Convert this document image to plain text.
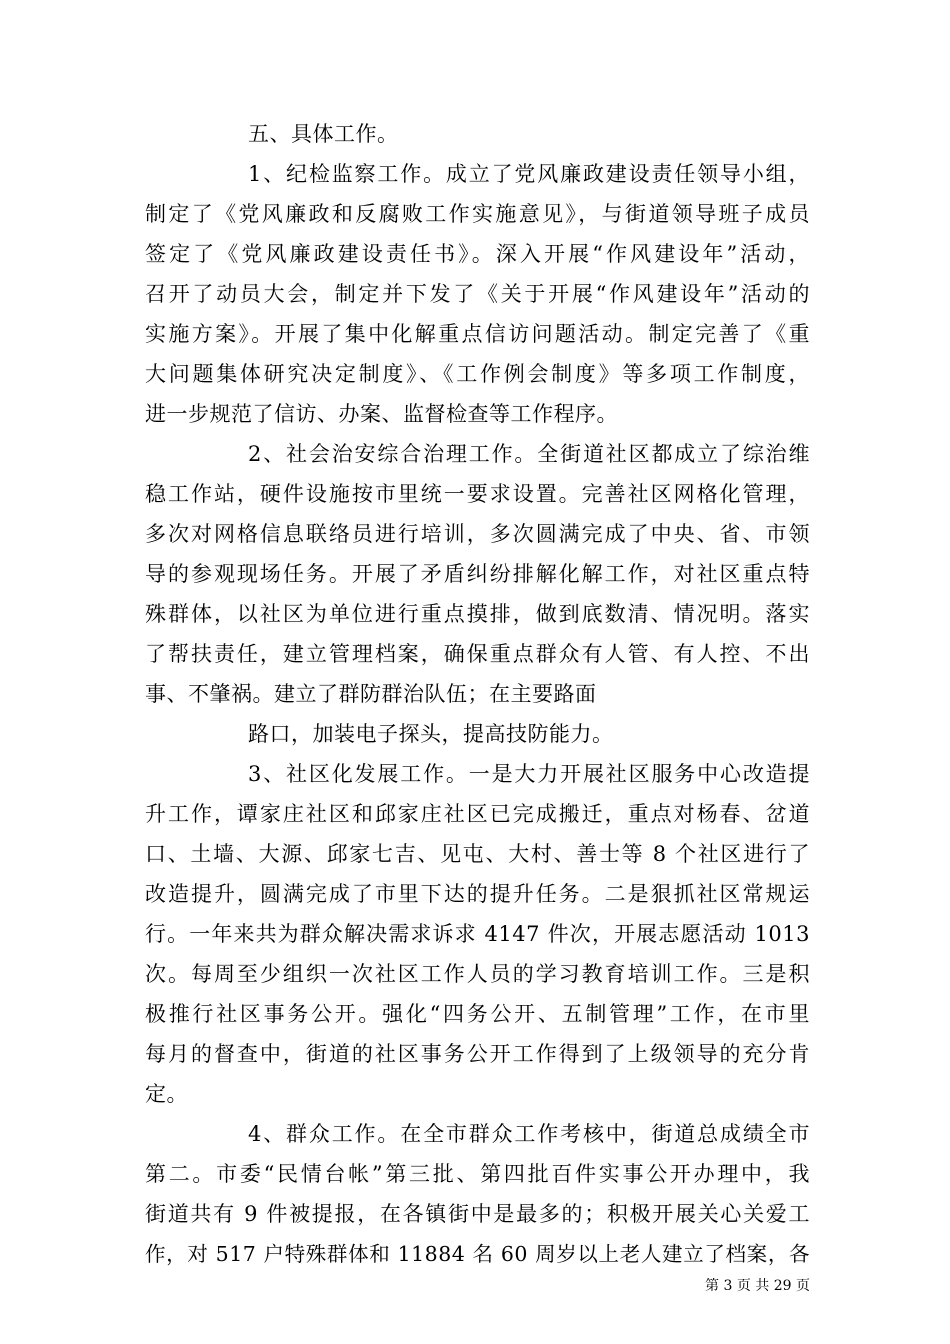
五、具体工作。
1、纪检监察工作。成立了党风廉政建设责任领导小组，
制定了《党风廉政和反腐败工作实施意见》，与街道领导班子成员
签定了《党风廉政建设责任书》。深入开展“作风建设年”活动，
召开了动员大会，制定并下发了《关于开展“作风建设年”活动的
实施方案》。开展了集中化解重点信访问题活动。制定完善了《重
大问题集体研究决定制度》、《工作例会制度》等多项工作制度，
进一步规范了信访、办案、监督检查等工作程序。
2、社会治安综合治理工作。全街道社区都成立了综治维
稳工作站，硬件设施按市里统一要求设置。完善社区网格化管理，
多次对网格信息联络员进行培训，多次圆满完成了中央、省、市领
导的参观现场任务。开展了矛盾纠纷排解化解工作，对社区重点特
殊群体，以社区为单位进行重点摸排，做到底数清、情况明。落实
了帮扶责任，建立管理档案，确保重点群众有人管、有人控、不出
事、不肇祸。建立了群防群治队伍；在主要路面
路口，加装电子探头，提高技防能力。
3、社区化发展工作。一是大力开展社区服务中心改造提
升工作，谭家庄社区和邱家庄社区已完成搬迁，重点对杨春、岔道
口、土墙、大源、邱家七吉、见屯、大村、善士等 8 个社区进行了
改造提升，圆满完成了市里下达的提升任务。二是狠抓社区常规运
行。一年来共为群众解决需求诉求 4147 件次，开展志愿活动 1013
次。每周至少组织一次社区工作人员的学习教育培训工作。三是积
极推行社区事务公开。强化“四务公开、五制管理”工作，在市里
每月的督查中，街道的社区事务公开工作得到了上级领导的充分肯
定。
4、群众工作。在全市群众工作考核中，街道总成绩全市
第二。市委“民情台帐”第三批、第四批百件实事公开办理中，我
街道共有 9 件被提报，在各镇街中是最多的；积极开展关心关爱工
作，对 517 户特殊群体和 11884 名 60 周岁以上老人建立了档案，各
第 3 页 共 29 页
